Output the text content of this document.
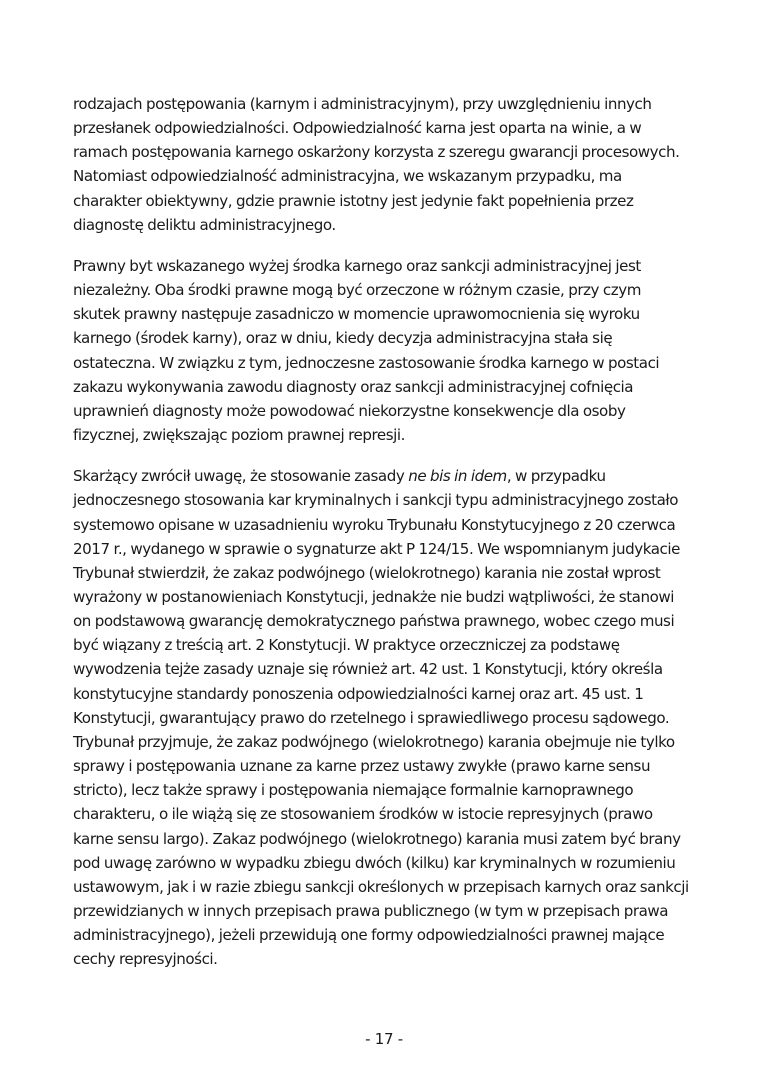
rodzajach postępowania (karnym i administracyjnym), przy uwzględnieniu innych
przesłanek odpowiedzialności. Odpowiedzialność karna jest oparta na winie, a w
ramach postępowania karnego oskarżony korzysta z szeregu gwarancji procesowych.
Natomiast odpowiedzialność administracyjna, we wskazanym przypadku, ma
charakter obiektywny, gdzie prawnie istotny jest jedynie fakt popełnienia przez
diagnostę deliktu administracyjnego.

Prawny byt wskazanego wyżej środka karnego oraz sankcji administracyjnej jest
niezależny. Oba środki prawne mogą być orzeczone w różnym czasie, przy czym
skutek prawny następuje zasadniczo w momencie uprawomocnienia się wyroku
karnego (środek karny), oraz w dniu, kiedy decyzja administracyjna stała się
ostateczna. W związku z tym, jednoczesne zastosowanie środka karnego w postaci
zakazu wykonywania zawodu diagnosty oraz sankcji administracyjnej cofnięcia
uprawnień diagnosty może powodować niekorzystne konsekwencje dla osoby
fizycznej, zwiększając poziom prawnej represji.

Skarżący zwrócił uwagę, że stosowanie zasady ne bis in idem, w przypadku
jednoczesnego stosowania kar kryminalnych i sankcji typu administracyjnego zostało
systemowo opisane w uzasadnieniu wyroku Trybunału Konstytucyjnego z 20 czerwca
2017 r., wydanego w sprawie o sygnaturze akt P 124/15. We wspomnianym judykacie
Trybunał stwierdził, że zakaz podwójnego (wielokrotnego) karania nie został wprost
wyrażony w postanowieniach Konstytucji, jednakże nie budzi wątpliwości, że stanowi
on podstawową gwarancję demokratycznego państwa prawnego, wobec czego musi
być wiązany z treścią art. 2 Konstytucji. W praktyce orzeczniczej za podstawę
wywodzenia tejże zasady uznaje się również art. 42 ust. 1 Konstytucji, który określa
konstytucyjne standardy ponoszenia odpowiedzialności karnej oraz art. 45 ust. 1
Konstytucji, gwarantujący prawo do rzetelnego i sprawiedliwego procesu sądowego.
Trybunał przyjmuje, że zakaz podwójnego (wielokrotnego) karania obejmuje nie tylko
sprawy i postępowania uznane za karne przez ustawy zwykłe (prawo karne sensu
stricto), lecz także sprawy i postępowania niemające formalnie karnoprawnego
charakteru, o ile wiążą się ze stosowaniem środków w istocie represyjnych (prawo
karne sensu largo). Zakaz podwójnego (wielokrotnego) karania musi zatem być brany
pod uwagę zarówno w wypadku zbiegu dwóch (kilku) kar kryminalnych w rozumieniu
ustawowym, jak i w razie zbiegu sankcji określonych w przepisach karnych oraz sankcji
przewidzianych w innych przepisach prawa publicznego (w tym w przepisach prawa
administracyjnego), jeżeli przewidują one formy odpowiedzialności prawnej mające
cechy represyjności.

- 17 -
